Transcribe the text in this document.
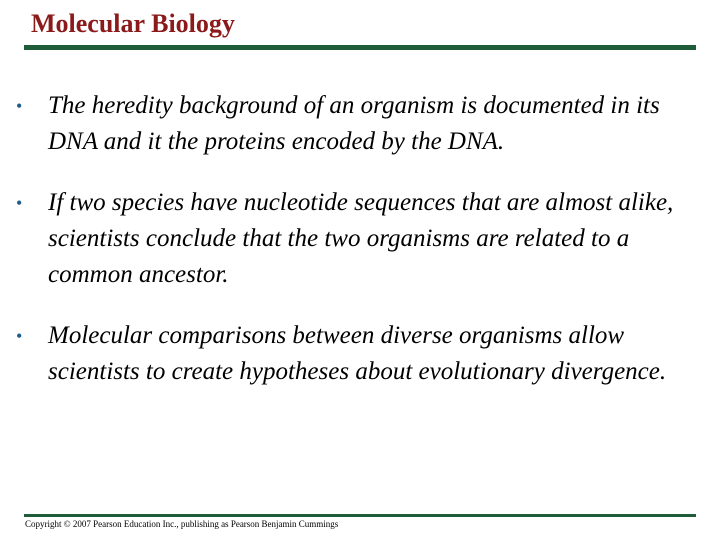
Molecular Biology
• The heredity background of an organism is documented in its DNA and it the proteins encoded by the DNA.
• If two species have nucleotide sequences that are almost alike, scientists conclude that the two organisms are related to a common ancestor.
• Molecular comparisons between diverse organisms allow scientists to create hypotheses about evolutionary divergence.
Copyright © 2007 Pearson Education Inc., publishing as Pearson Benjamin Cummings
